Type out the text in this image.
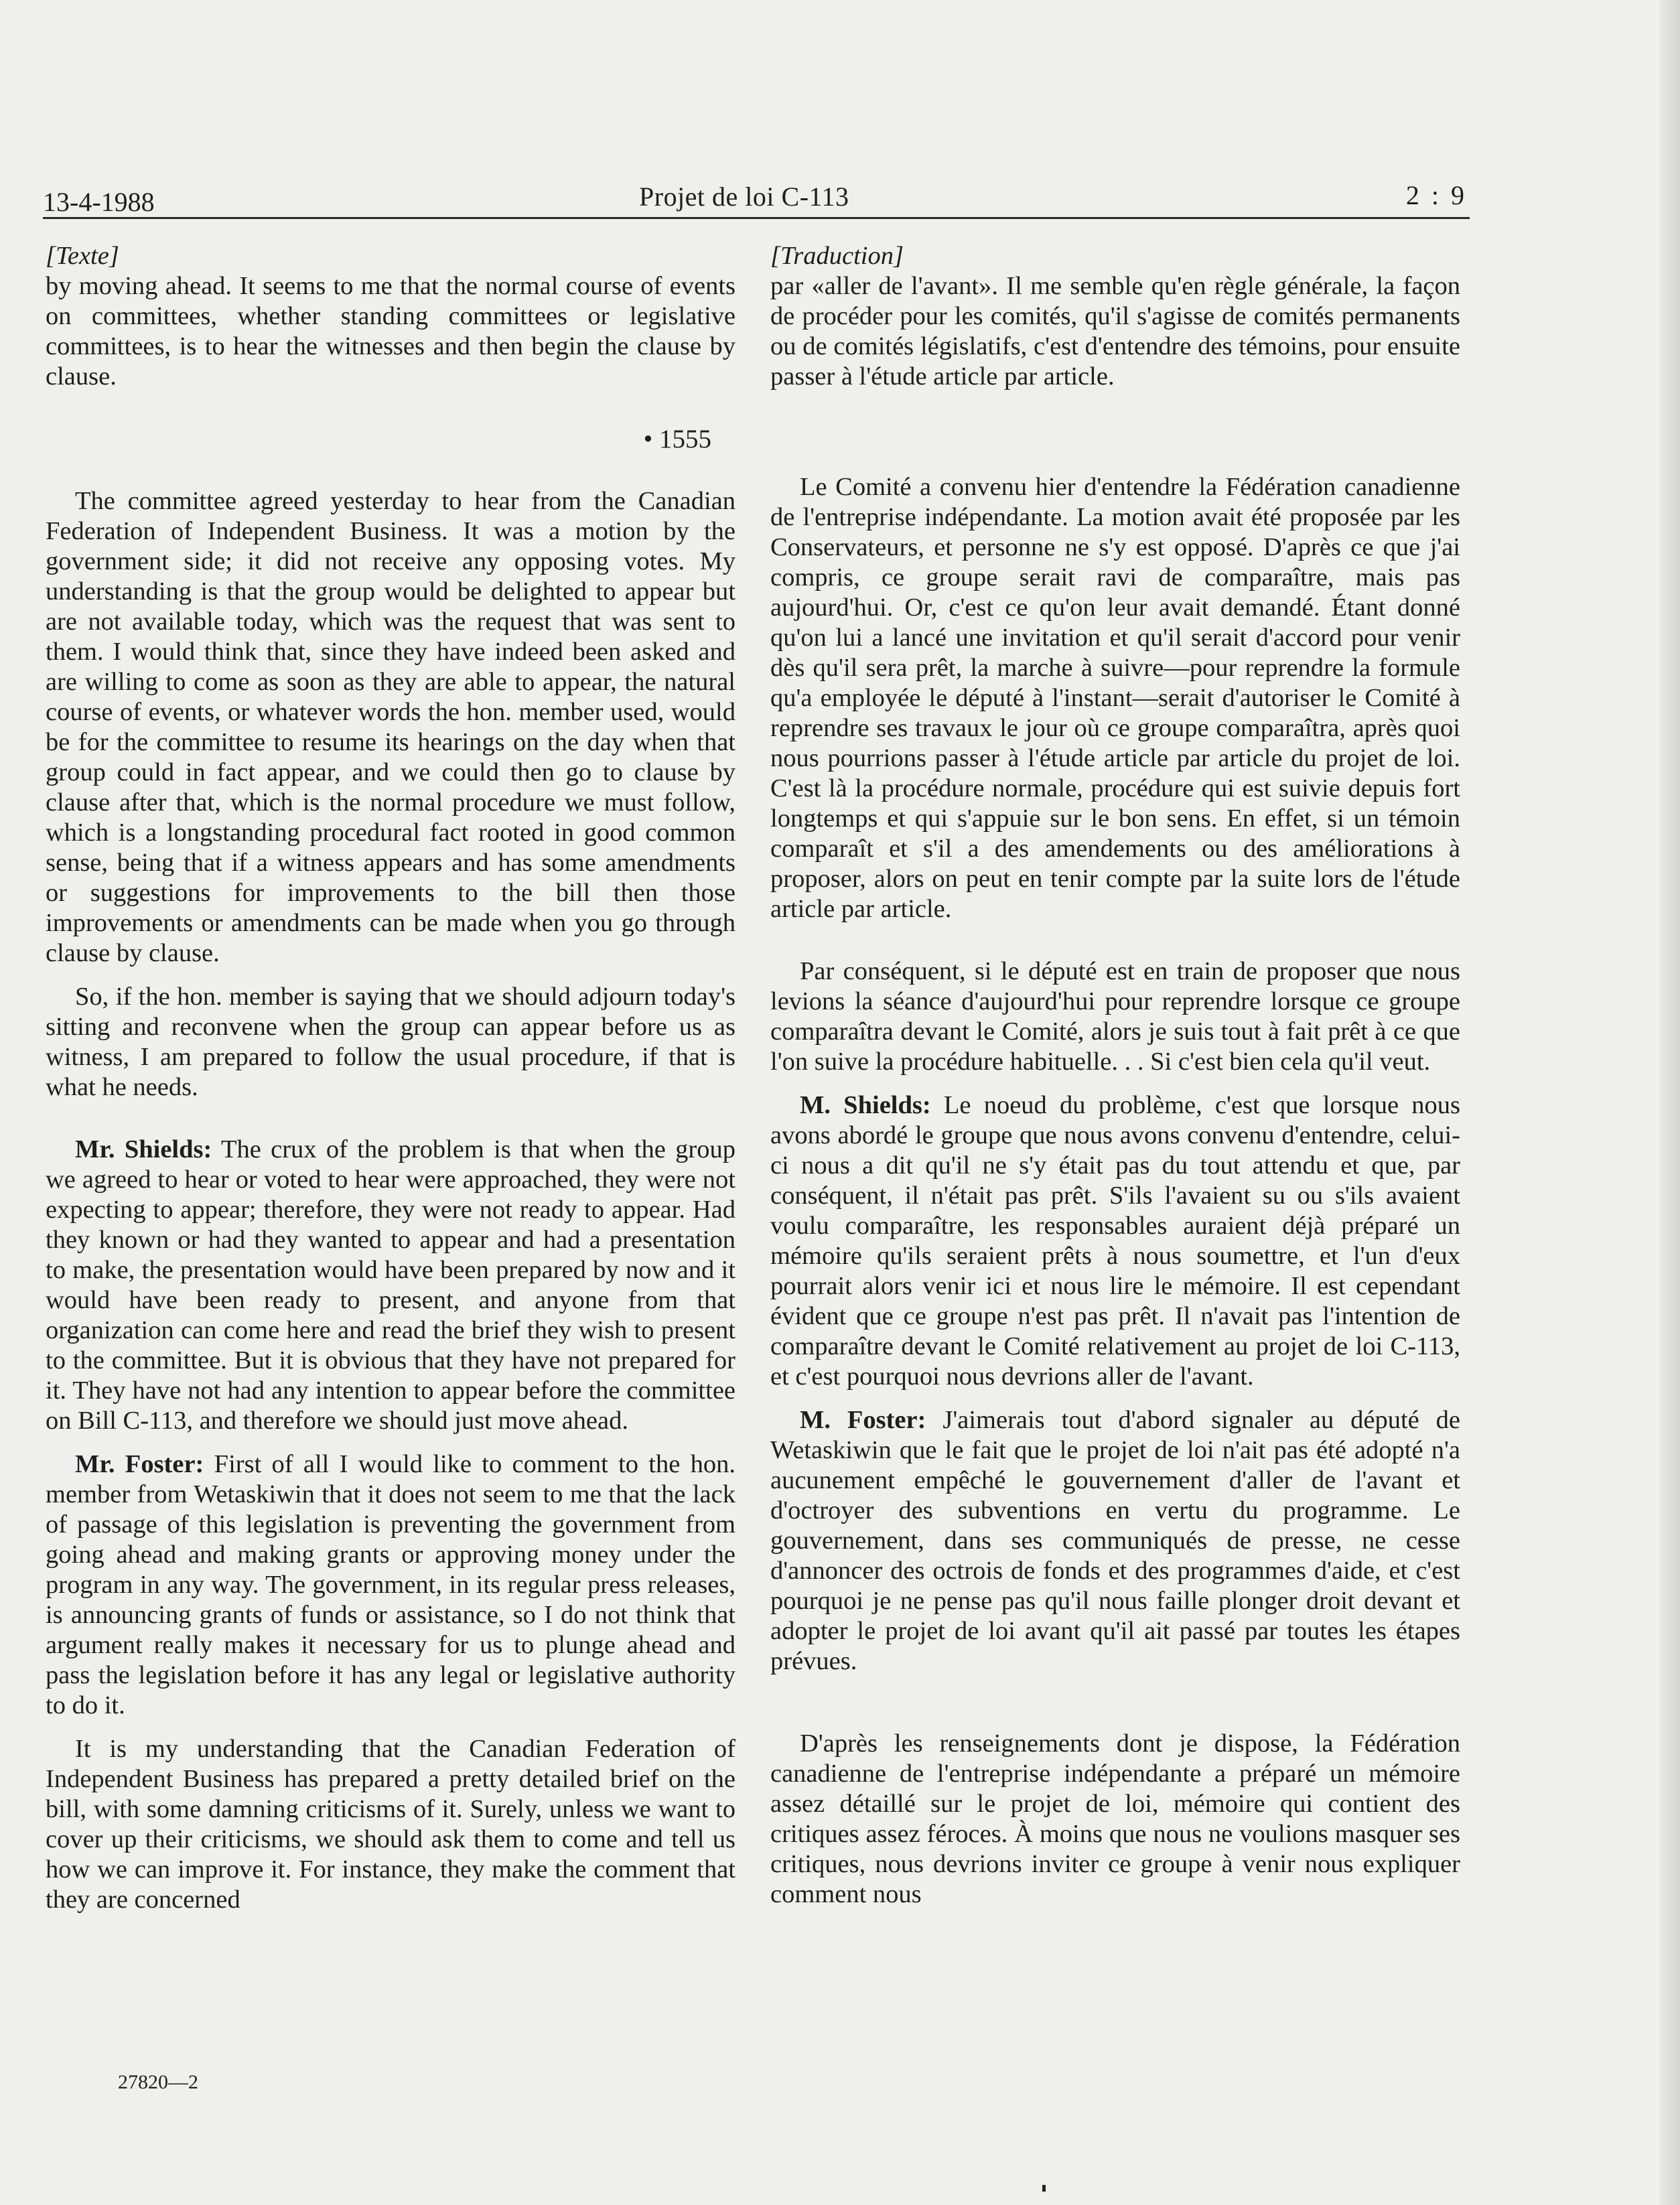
13-4-1988	Projet de loi C-113	2 : 9
[Texte]

by moving ahead. It seems to me that the normal course of events on committees, whether standing committees or legislative committees, is to hear the witnesses and then begin the clause by clause.

• 1555

The committee agreed yesterday to hear from the Canadian Federation of Independent Business. It was a motion by the government side; it did not receive any opposing votes. My understanding is that the group would be delighted to appear but are not available today, which was the request that was sent to them. I would think that, since they have indeed been asked and are willing to come as soon as they are able to appear, the natural course of events, or whatever words the hon. member used, would be for the committee to resume its hearings on the day when that group could in fact appear, and we could then go to clause by clause after that, which is the normal procedure we must follow, which is a longstanding procedural fact rooted in good common sense, being that if a witness appears and has some amendments or suggestions for improvements to the bill then those improvements or amendments can be made when you go through clause by clause.

So, if the hon. member is saying that we should adjourn today's sitting and reconvene when the group can appear before us as witness, I am prepared to follow the usual procedure, if that is what he needs.

Mr. Shields: The crux of the problem is that when the group we agreed to hear or voted to hear were approached, they were not expecting to appear; therefore, they were not ready to appear. Had they known or had they wanted to appear and had a presentation to make, the presentation would have been prepared by now and it would have been ready to present, and anyone from that organization can come here and read the brief they wish to present to the committee. But it is obvious that they have not prepared for it. They have not had any intention to appear before the committee on Bill C-113, and therefore we should just move ahead.

Mr. Foster: First of all I would like to comment to the hon. member from Wetaskiwin that it does not seem to me that the lack of passage of this legislation is preventing the government from going ahead and making grants or approving money under the program in any way. The government, in its regular press releases, is announcing grants of funds or assistance, so I do not think that argument really makes it necessary for us to plunge ahead and pass the legislation before it has any legal or legislative authority to do it.

It is my understanding that the Canadian Federation of Independent Business has prepared a pretty detailed brief on the bill, with some damning criticisms of it. Surely, unless we want to cover up their criticisms, we should ask them to come and tell us how we can improve it. For instance, they make the comment that they are concerned

[Traduction]

par «aller de l'avant». Il me semble qu'en règle générale, la façon de procéder pour les comités, qu'il s'agisse de comités permanents ou de comités législatifs, c'est d'entendre des témoins, pour ensuite passer à l'étude article par article.

Le Comité a convenu hier d'entendre la Fédération canadienne de l'entreprise indépendante. La motion avait été proposée par les Conservateurs, et personne ne s'y est opposé. D'après ce que j'ai compris, ce groupe serait ravi de comparaître, mais pas aujourd'hui. Or, c'est ce qu'on leur avait demandé. Étant donné qu'on lui a lancé une invitation et qu'il serait d'accord pour venir dès qu'il sera prêt, la marche à suivre—pour reprendre la formule qu'a employée le député à l'instant—serait d'autoriser le Comité à reprendre ses travaux le jour où ce groupe comparaîtra, après quoi nous pourrions passer à l'étude article par article du projet de loi. C'est là la procédure normale, procédure qui est suivie depuis fort longtemps et qui s'appuie sur le bon sens. En effet, si un témoin comparaît et s'il a des amendements ou des améliorations à proposer, alors on peut en tenir compte par la suite lors de l'étude article par article.

Par conséquent, si le député est en train de proposer que nous levions la séance d'aujourd'hui pour reprendre lorsque ce groupe comparaîtra devant le Comité, alors je suis tout à fait prêt à ce que l'on suive la procédure habituelle. . . Si c'est bien cela qu'il veut.

M. Shields: Le noeud du problème, c'est que lorsque nous avons abordé le groupe que nous avons convenu d'entendre, celui-ci nous a dit qu'il ne s'y était pas du tout attendu et que, par conséquent, il n'était pas prêt. S'ils l'avaient su ou s'ils avaient voulu comparaître, les responsables auraient déjà préparé un mémoire qu'ils seraient prêts à nous soumettre, et l'un d'eux pourrait alors venir ici et nous lire le mémoire. Il est cependant évident que ce groupe n'est pas prêt. Il n'avait pas l'intention de comparaître devant le Comité relativement au projet de loi C-113, et c'est pourquoi nous devrions aller de l'avant.

M. Foster: J'aimerais tout d'abord signaler au député de Wetaskiwin que le fait que le projet de loi n'ait pas été adopté n'a aucunement empêché le gouvernement d'aller de l'avant et d'octroyer des subventions en vertu du programme. Le gouvernement, dans ses communiqués de presse, ne cesse d'annoncer des octrois de fonds et des programmes d'aide, et c'est pourquoi je ne pense pas qu'il nous faille plonger droit devant et adopter le projet de loi avant qu'il ait passé par toutes les étapes prévues.

D'après les renseignements dont je dispose, la Fédération canadienne de l'entreprise indépendante a préparé un mémoire assez détaillé sur le projet de loi, mémoire qui contient des critiques assez féroces. À moins que nous ne voulions masquer ses critiques, nous devrions inviter ce groupe à venir nous expliquer comment nous

27820—2
